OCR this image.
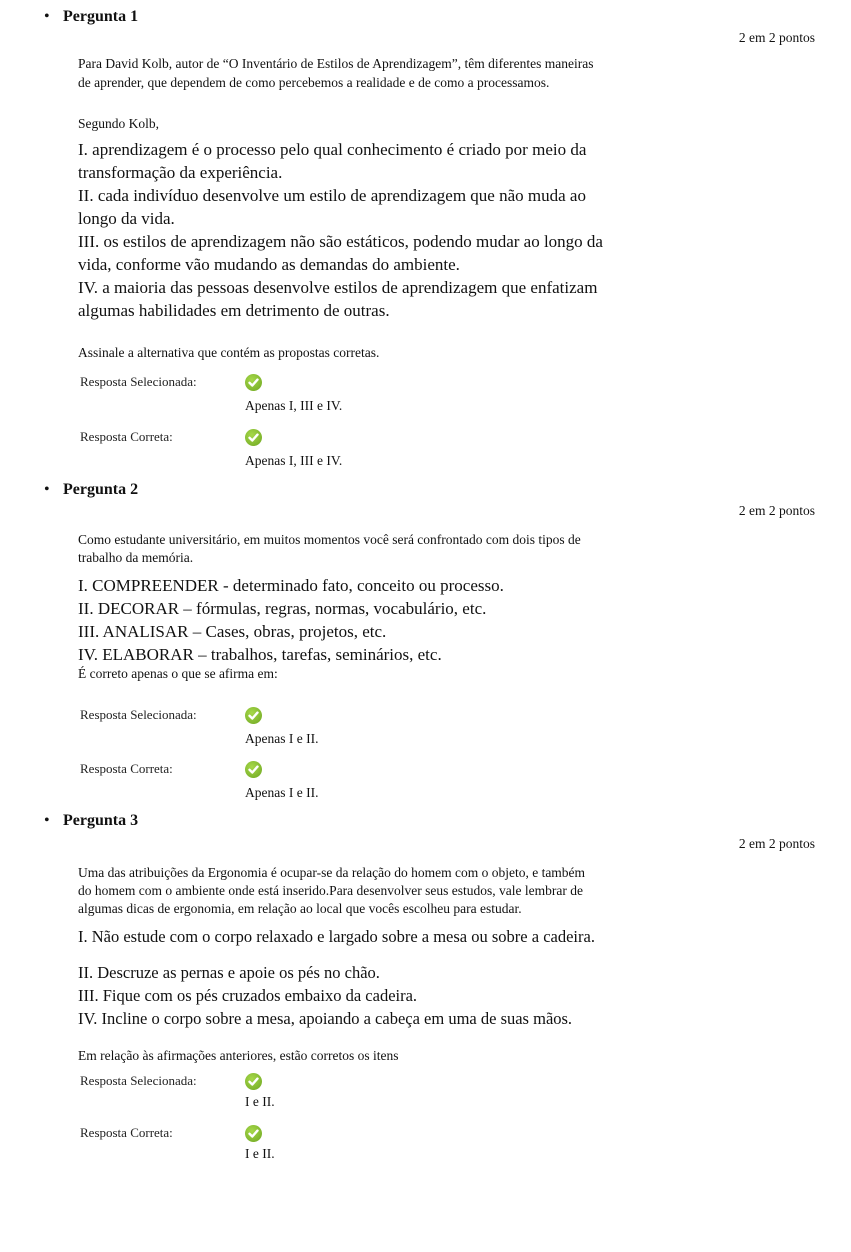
• Pergunta 1
2 em 2 pontos
Para David Kolb, autor de “O Inventário de Estilos de Aprendizagem”, têm diferentes maneiras
de aprender, que dependem de como percebemos a realidade e de como a processamos.
Segundo Kolb,
I. aprendizagem é o processo pelo qual conhecimento é criado por meio da
transformação da experiência.
II. cada indivíduo desenvolve um estilo de aprendizagem que não muda ao
longo da vida.
III. os estilos de aprendizagem não são estáticos, podendo mudar ao longo da
vida, conforme vão mudando as demandas do ambiente.
IV. a maioria das pessoas desenvolve estilos de aprendizagem que enfatizam
algumas habilidades em detrimento de outras.
Assinale a alternativa que contém as propostas corretas.
Resposta Selecionada:
Apenas I, III e IV.
Resposta Correta:
Apenas I, III e IV.
• Pergunta 2
2 em 2 pontos
Como estudante universitário, em muitos momentos você será confrontado com dois tipos de
trabalho da memória.
I. COMPREENDER - determinado fato, conceito ou processo.
II. DECORAR – fórmulas, regras, normas, vocabulário, etc.
III. ANALISAR – Cases, obras, projetos, etc.
IV. ELABORAR – trabalhos, tarefas, seminários, etc.
É correto apenas o que se afirma em:
Resposta Selecionada:
Apenas I e II.
Resposta Correta:
Apenas I e II.
• Pergunta 3
2 em 2 pontos
Uma das atribuições da Ergonomia é ocupar-se da relação do homem com o objeto, e também
do homem com o ambiente onde está inserido.Para desenvolver seus estudos, vale lembrar de
algumas dicas de ergonomia, em relação ao local que vocês escolheu para estudar.
I. Não estude com o corpo relaxado e largado sobre a mesa ou sobre a cadeira.
II. Descruze as pernas e apoie os pés no chão.
III. Fique com os pés cruzados embaixo da cadeira.
IV. Incline o corpo sobre a mesa, apoiando a cabeça em uma de suas mãos.
Em relação às afirmações anteriores, estão corretos os itens
Resposta Selecionada:
I e II.
Resposta Correta:
I e II.
